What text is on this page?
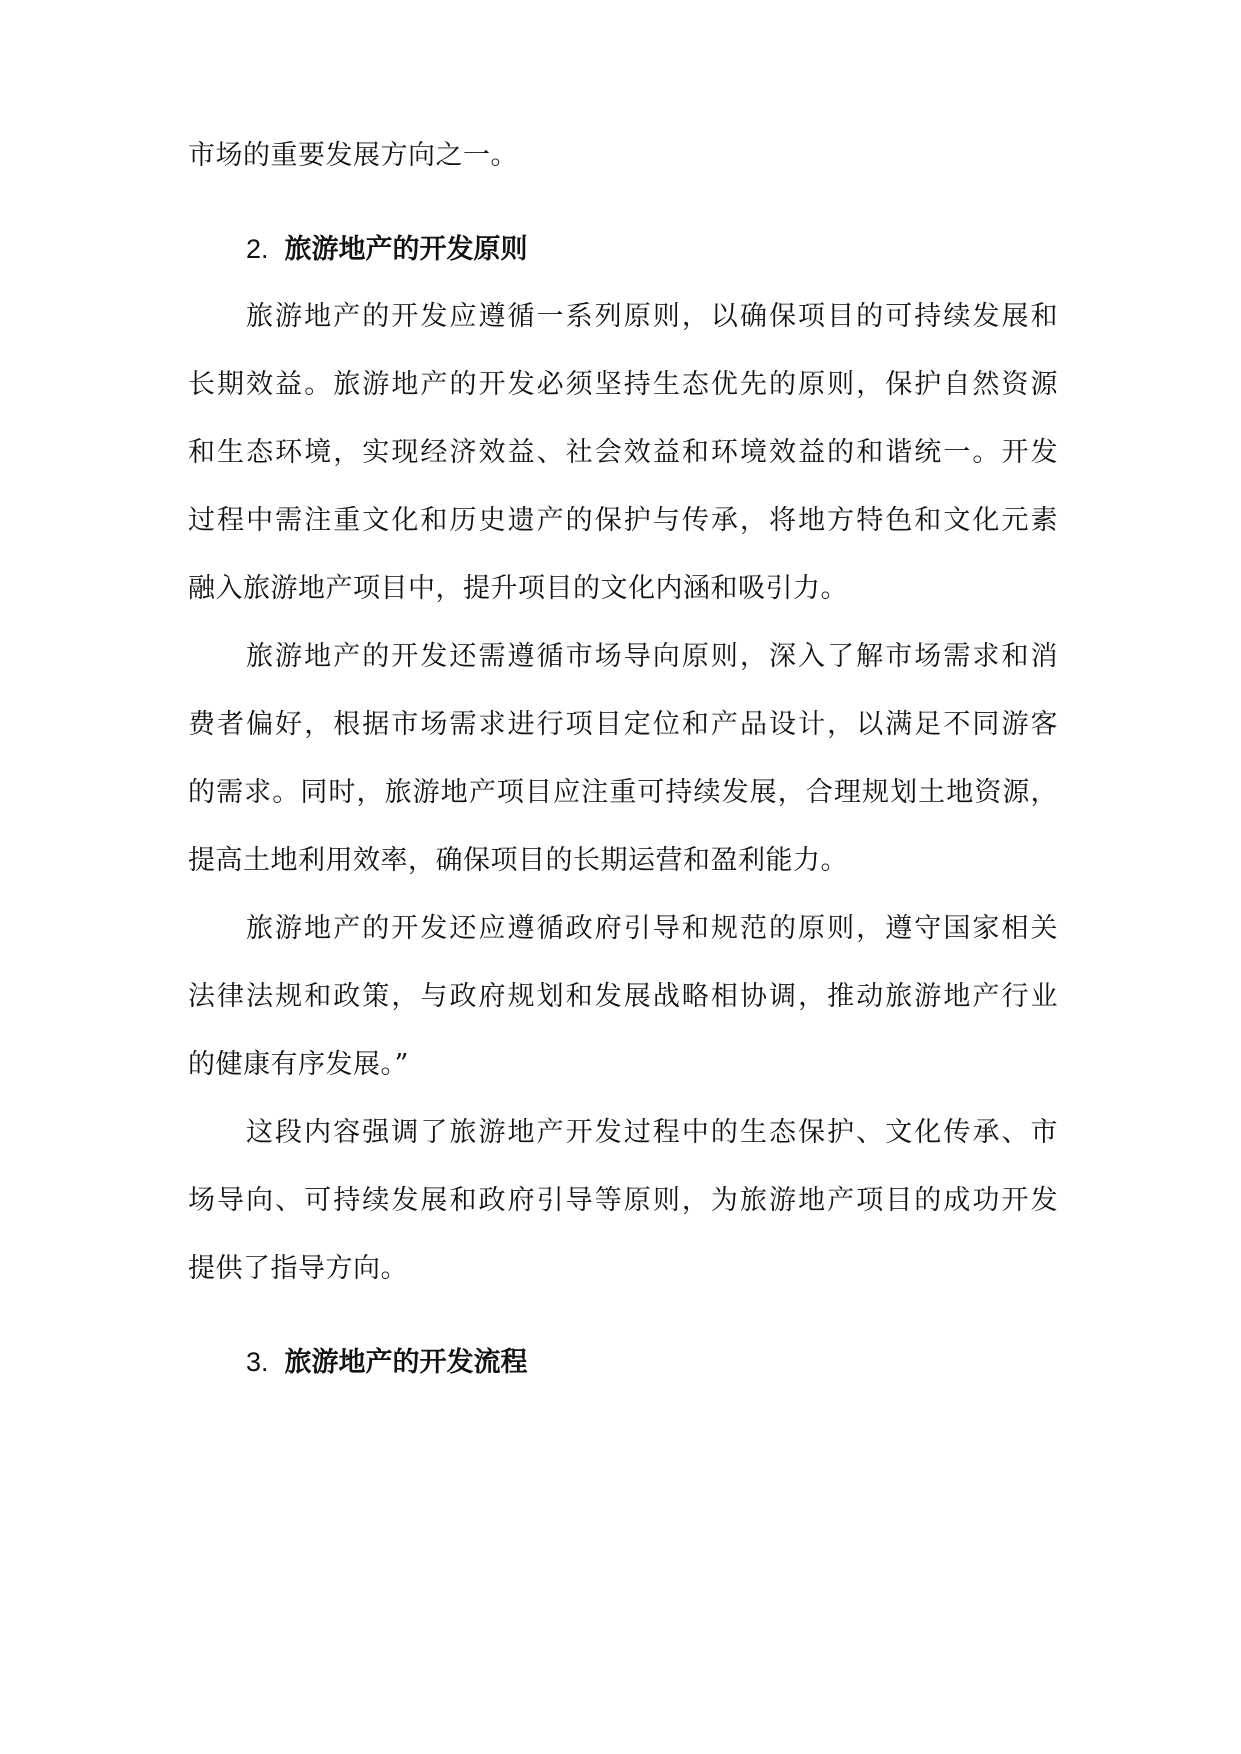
市场的重要发展方向之一。
2. 旅游地产的开发原则
旅游地产的开发应遵循一系列原则，以确保项目的可持续发展和
长期效益。旅游地产的开发必须坚持生态优先的原则，保护自然资源
和生态环境，实现经济效益、社会效益和环境效益的和谐统一。开发
过程中需注重文化和历史遗产的保护与传承，将地方特色和文化元素
融入旅游地产项目中，提升项目的文化内涵和吸引力。
旅游地产的开发还需遵循市场导向原则，深入了解市场需求和消
费者偏好，根据市场需求进行项目定位和产品设计，以满足不同游客
的需求。同时，旅游地产项目应注重可持续发展，合理规划土地资源，
提高土地利用效率，确保项目的长期运营和盈利能力。
旅游地产的开发还应遵循政府引导和规范的原则，遵守国家相关
法律法规和政策，与政府规划和发展战略相协调，推动旅游地产行业
的健康有序发展。”
这段内容强调了旅游地产开发过程中的生态保护、文化传承、市
场导向、可持续发展和政府引导等原则，为旅游地产项目的成功开发
提供了指导方向。
3. 旅游地产的开发流程
